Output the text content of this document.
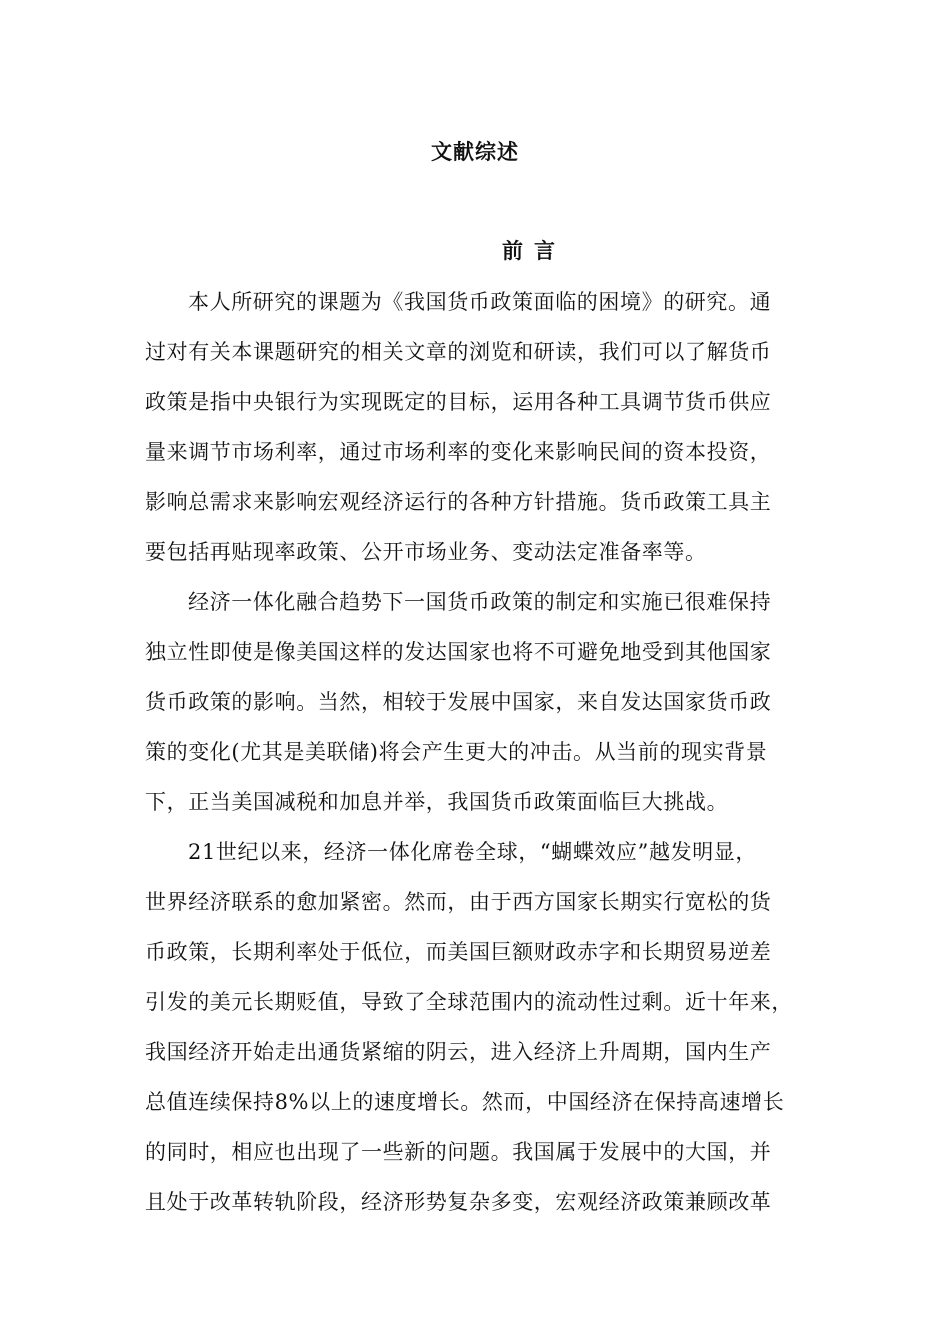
文献综述
前 言
本人所研究的课题为《我国货币政策面临的困境》的研究。通
过对有关本课题研究的相关文章的浏览和研读，我们可以了解货币
政策是指中央银行为实现既定的目标，运用各种工具调节货币供应
量来调节市场利率，通过市场利率的变化来影响民间的资本投资，
影响总需求来影响宏观经济运行的各种方针措施。货币政策工具主
要包括再贴现率政策、公开市场业务、变动法定准备率等。
经济一体化融合趋势下一国货币政策的制定和实施已很难保持
独立性即使是像美国这样的发达国家也将不可避免地受到其他国家
货币政策的影响。当然，相较于发展中国家，来自发达国家货币政
策的变化(尤其是美联储)将会产生更大的冲击。从当前的现实背景
下，正当美国减税和加息并举，我国货币政策面临巨大挑战。
21世纪以来，经济一体化席卷全球，“蝴蝶效应”越发明显，
世界经济联系的愈加紧密。然而，由于西方国家长期实行宽松的货
币政策，长期利率处于低位，而美国巨额财政赤字和长期贸易逆差
引发的美元长期贬值，导致了全球范围内的流动性过剩。近十年来，
我国经济开始走出通货紧缩的阴云，进入经济上升周期，国内生产
总值连续保持8%以上的速度增长。然而，中国经济在保持高速增长
的同时，相应也出现了一些新的问题。我国属于发展中的大国，并
且处于改革转轨阶段，经济形势复杂多变，宏观经济政策兼顾改革
